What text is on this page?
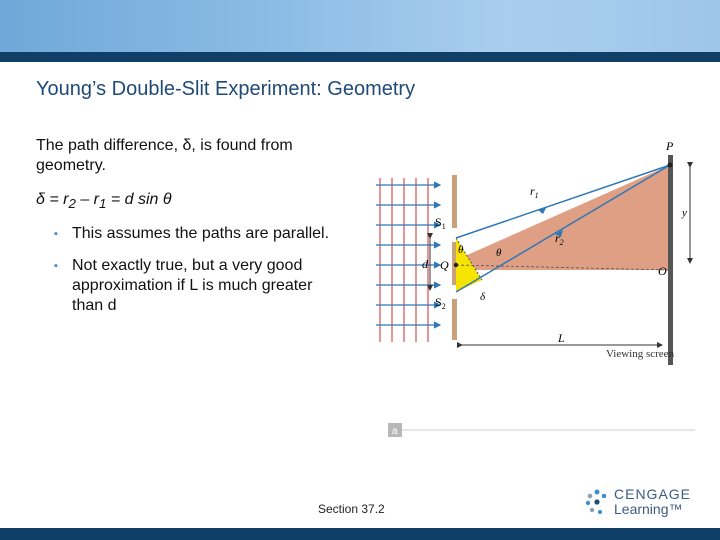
Young’s Double-Slit Experiment: Geometry

The path difference, δ, is found from geometry.

$\delta = r_2 - r_1 = d$ sin θ

▪ This assumes the paths are parallel.

▪ Not exactly true, but a very good approximation if L is much greater than d

P
O
Q
$S_1$
$S_2$
$r_1$
$r_2$
d
y
L
θ	θ
δ
Viewing screen
a
Section 37.2
CENGAGE
Learning™
